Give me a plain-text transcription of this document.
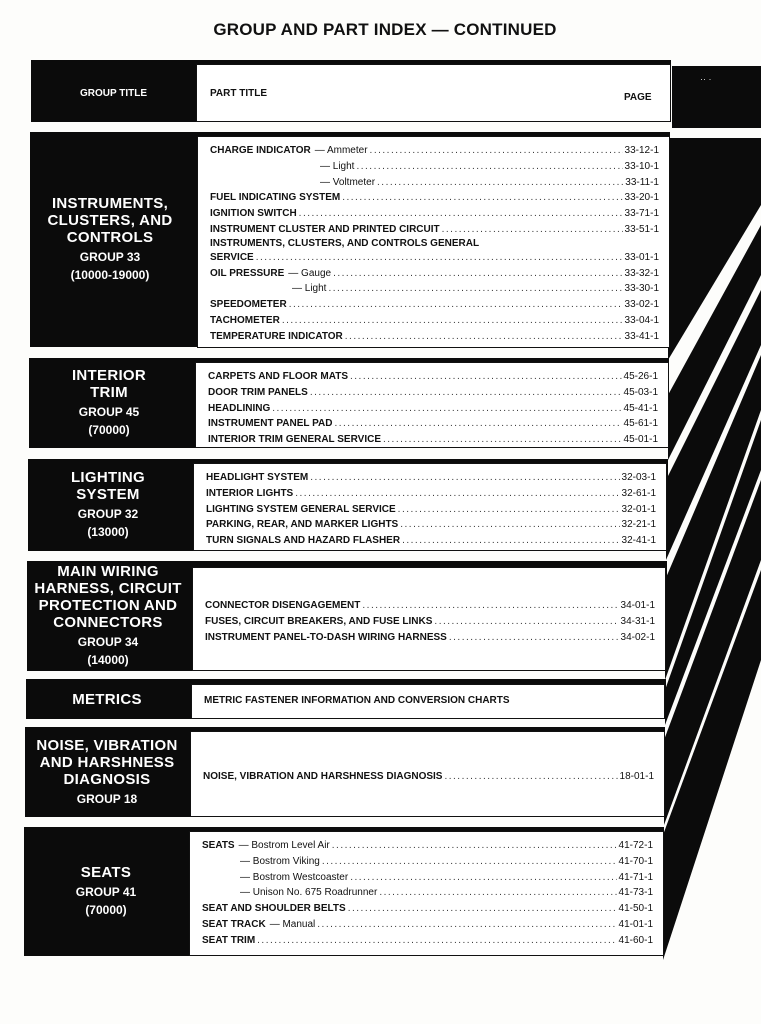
GROUP AND PART INDEX — CONTINUED
·· ·
GROUP TITLE	PART TITLE	PAGE
INSTRUMENTS, CLUSTERS, AND CONTROLS
GROUP 33
(10000-19000)
CHARGE INDICATOR — Ammeter .....	33-12-1
— Light .....	33-10-1
— Voltmeter .....	33-11-1
FUEL INDICATING SYSTEM .....	33-20-1
IGNITION SWITCH .....	33-71-1
INSTRUMENT CLUSTER AND PRINTED CIRCUIT .....	33-51-1
INSTRUMENTS, CLUSTERS, AND CONTROLS GENERAL
SERVICE .....	33-01-1
OIL PRESSURE — Gauge .....	33-32-1
— Light .....	33-30-1
SPEEDOMETER .....	33-02-1
TACHOMETER .....	33-04-1
TEMPERATURE INDICATOR .....	33-41-1
INTERIOR TRIM
GROUP 45
(70000)
CARPETS AND FLOOR MATS .....	45-26-1
DOOR TRIM PANELS .....	45-03-1
HEADLINING .....	45-41-1
INSTRUMENT PANEL PAD .....	45-61-1
INTERIOR TRIM GENERAL SERVICE .....	45-01-1
LIGHTING SYSTEM
GROUP 32
(13000)
HEADLIGHT SYSTEM .....	32-03-1
INTERIOR LIGHTS .....	32-61-1
LIGHTING SYSTEM GENERAL SERVICE .....	32-01-1
PARKING, REAR, AND MARKER LIGHTS .....	32-21-1
TURN SIGNALS AND HAZARD FLASHER .....	32-41-1
MAIN WIRING HARNESS, CIRCUIT PROTECTION AND CONNECTORS
GROUP 34
(14000)
CONNECTOR DISENGAGEMENT .....	34-01-1
FUSES, CIRCUIT BREAKERS, AND FUSE LINKS .....	34-31-1
INSTRUMENT PANEL-TO-DASH WIRING HARNESS .....	34-02-1
METRICS	METRIC FASTENER INFORMATION AND CONVERSION CHARTS
NOISE, VIBRATION AND HARSHNESS DIAGNOSIS
GROUP 18
NOISE, VIBRATION AND HARSHNESS DIAGNOSIS .....	18-01-1
SEATS
GROUP 41
(70000)
SEATS — Bostrom Level Air .....	41-72-1
— Bostrom Viking .....	41-70-1
— Bostrom Westcoaster .....	41-71-1
— Unison No. 675 Roadrunner .....	41-73-1
SEAT AND SHOULDER BELTS .....	41-50-1
SEAT TRACK — Manual .....	41-01-1
SEAT TRIM .....	41-60-1
